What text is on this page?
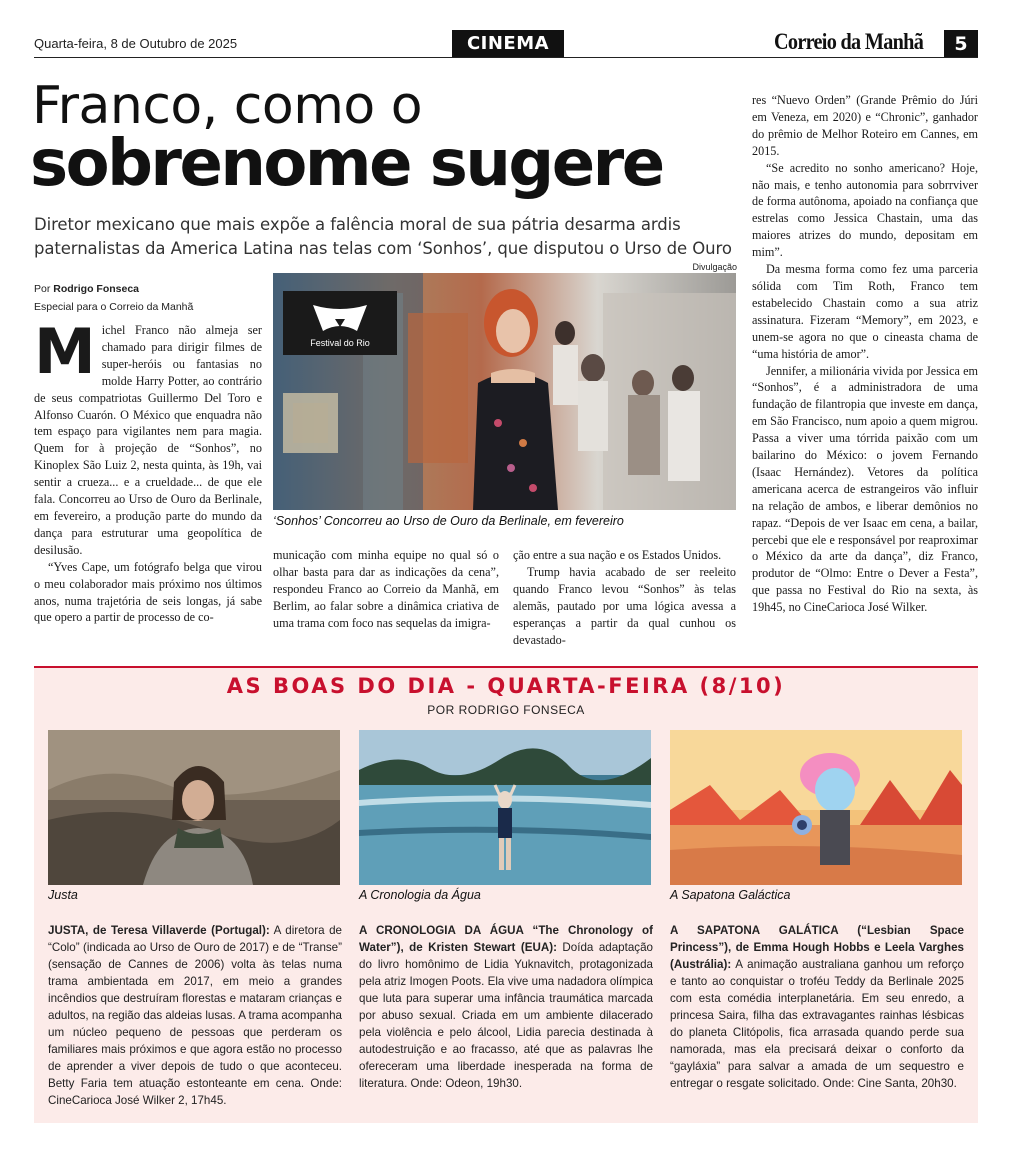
Quarta-feira, 8 de Outubro de 2025	CINEMA	Correio da Manhã	5
Franco, como o
sobrenome sugere
Diretor mexicano que mais expõe a falência moral de sua pátria desarma ardis paternalistas da America Latina nas telas com ‘Sonhos’, que disputou o Urso de Ouro
Por Rodrigo Fonseca
Especial para o Correio da Manhã
Divulgação
Festival do Rio
‘Sonhos’ Concorreu ao Urso de Ouro da Berlinale, em fevereiro

Michel Franco não almeja ser chamado para dirigir filmes de super-heróis ou fantasias no molde Harry Potter, ao contrário de seus compatriotas Guillermo Del Toro e Alfonso Cuarón. O México que enquadra não tem espaço para vigilantes nem para magia. Quem for à projeção de “Sonhos”, no Kinoplex São Luiz 2, nesta quinta, às 19h, vai sentir a crueza... e a crueldade... de que ele fala. Concorreu ao Urso de Ouro da Berlinale, em fevereiro, a produção parte do mundo da dança para estruturar uma geopolítica de desilusão.

“Yves Cape, um fotógrafo belga que virou o meu colaborador mais próximo nos últimos anos, numa trajetória de seis longas, já sabe que opero a partir de processo de co-

municação com minha equipe no qual só o olhar basta para dar as indicações da cena”, respondeu Franco ao Correio da Manhã, em Berlim, ao falar sobre a dinâmica criativa de uma trama com foco nas sequelas da imigra-

ção entre a sua nação e os Estados Unidos.

Trump havia acabado de ser reeleito quando Franco levou “Sonhos” às telas alemãs, pautado por uma lógica avessa a esperanças a partir da qual cunhou os devastado-

res “Nuevo Orden” (Grande Prêmio do Júri em Veneza, em 2020) e “Chronic”, ganhador do prêmio de Melhor Roteiro em Cannes, em 2015.

“Se acredito no sonho americano? Hoje, não mais, e tenho autonomia para sobrrviver de forma autônoma, apoiado na confiança que estrelas como Jessica Chastain, uma das maiores atrizes do mundo, depositam em mim”.

Da mesma forma como fez uma parceria sólida com Tim Roth, Franco tem estabelecido Chastain como a sua atriz assinatura. Fizeram “Memory”, em 2023, e unem-se agora no que o cineasta chama de “uma história de amor”.

Jennifer, a milionária vivida por Jessica em “Sonhos”, é a administradora de uma fundação de filantropia que investe em dança, em São Francisco, num apoio a quem migrou. Passa a viver uma tórrida paixão com um bailarino do México: o jovem Fernando (Isaac Hernández). Vetores da política americana acerca de estrangeiros vão influir na relação de ambos, e liberar demônios no rapaz. “Depois de ver Isaac em cena, a bailar, percebi que ele e responsável por reaproximar o México da arte da dança”, diz Franco, produtor de “Olmo: Entre o Dever a Festa”, que passa no Festival do Rio na sexta, às 19h45, no CineCarioca José Wilker.

AS BOAS DO DIA - QUARTA-FEIRA (8/10)
POR RODRIGO FONSECA
Justa
JUSTA, de Teresa Villaverde (Portugal): A diretora de “Colo” (indicada ao Urso de Ouro de 2017) e de “Transe” (sensação de Cannes de 2006) volta às telas numa trama ambientada em 2017, em meio a grandes incêndios que destruíram florestas e mataram crianças e adultos, na região das aldeias lusas. A trama acompanha um núcleo pequeno de pessoas que perderam os familiares mais próximos e que agora estão no processo de aprender a viver depois de tudo o que aconteceu. Betty Faria tem atuação estonteante em cena. Onde: CineCarioca José Wilker 2, 17h45.
A Cronologia da Água
A CRONOLOGIA DA ÁGUA “The Chronology of Water”), de Kristen Stewart (EUA): Doída adaptação do livro homônimo de Lidia Yuknavitch, protagonizada pela atriz Imogen Poots. Ela vive uma nadadora olímpica que luta para superar uma infância traumática marcada por abuso sexual. Criada em um ambiente dilacerado pela violência e pelo álcool, Lidia parecia destinada à autodestruição e ao fracasso, até que as palavras lhe ofereceram uma liberdade inesperada na forma de literatura. Onde: Odeon, 19h30.
A Sapatona Galáctica
A SAPATONA GALÁTICA (“Lesbian Space Princess”), de Emma Hough Hobbs e Leela Varghes (Austrália): A animação australiana ganhou um reforço e tanto ao conquistar o troféu Teddy da Berlinale 2025 com esta comédia interplanetária. Em seu enredo, a princesa Saira, filha das extravagantes rainhas lésbicas do planeta Clitópolis, fica arrasada quando perde sua namorada, mas ela precisará deixar o conforto da “gayláxia” para salvar a amada de um sequestro e entregar o resgate solicitado. Onde: Cine Santa, 20h30.
